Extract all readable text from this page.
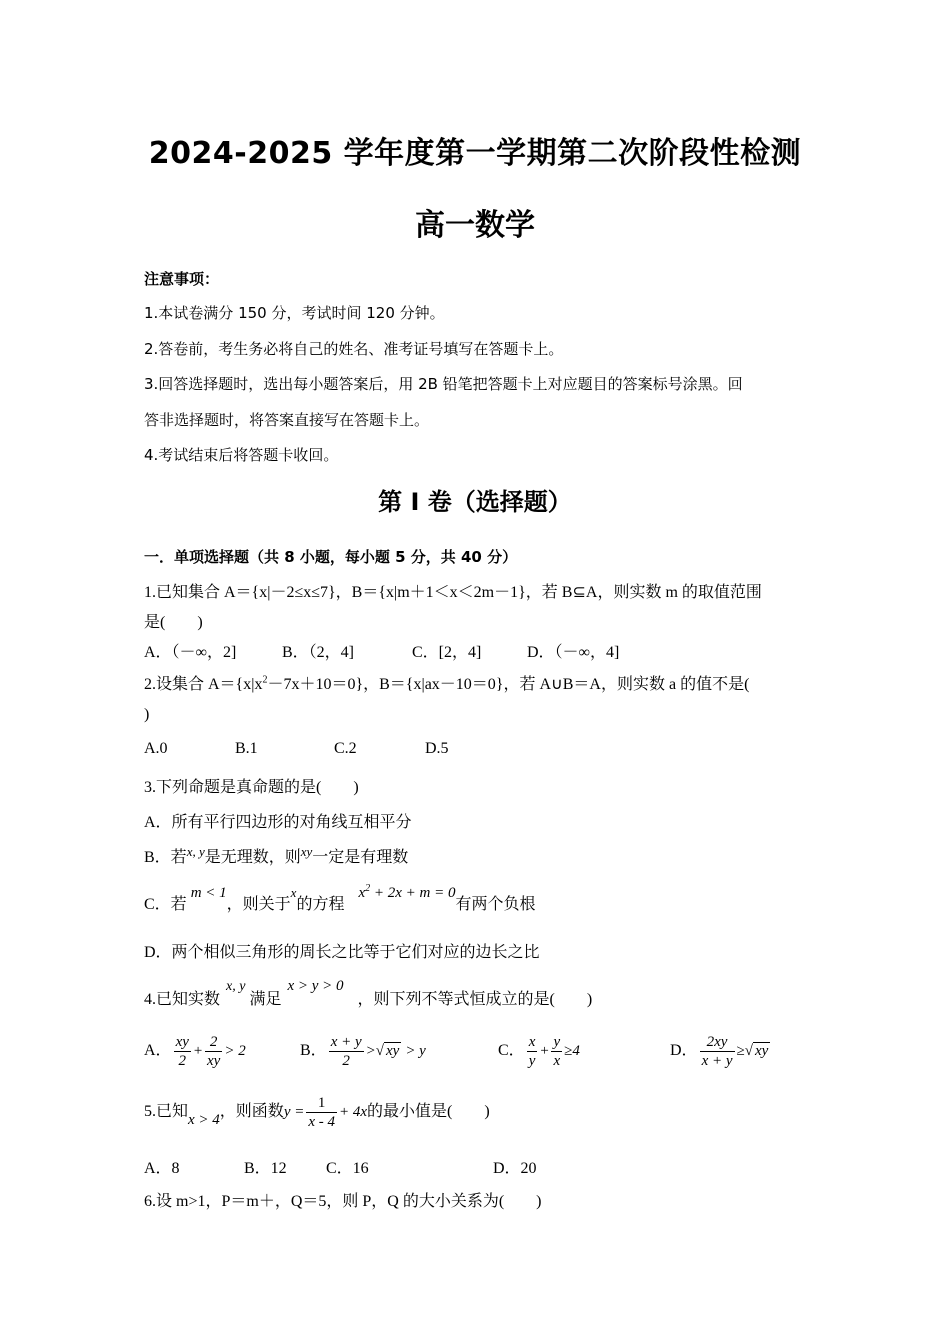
2024-2025 学年度第一学期第二次阶段性检测
高一数学
注意事项：
1.本试卷满分 150 分，考试时间 120 分钟。
2.答卷前，考生务必将自己的姓名、准考证号填写在答题卡上。
3.回答选择题时，选出每小题答案后，用 2B 铅笔把答题卡上对应题目的答案标号涂黑。回
答非选择题时，将答案直接写在答题卡上。
4.考试结束后将答题卡收回。
第 I 卷（选择题）
一．单项选择题（共 8 小题，每小题 5 分，共 40 分）
1.已知集合 A＝{x|－2≤x≤7}，B＝{x|m＋1＜x＜2m－1}，若 B⊆A，则实数 m 的取值范围
是(　　)
A．（－∞，2]	B．（2，4]	C．[2，4]	D．（－∞，4]
2.设集合 $A=\{x|x^2-7x+10=0\}$，B＝{x|ax－10＝0}，若 A∪B＝A，则实数 a 的值不是(
)
A.0	B.1	C.2	D.5
3.下列命题是真命题的是(　　)
A．所有平行四边形的对角线互相平分
B．若$^{x, y}$是无理数，则$^{xy}$一定是有理数
C．若 m < 1，则关于$^x$的方程 $x^2 + 2x + m = 0$有两个负根
D．两个相似三角形的周长之比等于它们对应的边长之比
4.已知实数x, y 满足x > y > 0 ，则下列不等式恒成立的是(　　)
A． $\frac{xy}{2} + \frac{2}{xy} > 2$	B． $\frac{x + y}{2}$ >√ xy > y	C． $\frac{x}{y} + \frac{y}{x} \ge 4$	D． $\frac{2xy}{x + y}$ ≥√ xy
5.已知x > 4，则函数$y = \frac{1}{x - 4} + 4x$的最小值是(　　)
A．8	B．12 C．16	D．20
6.设 m>1，P＝m＋，Q＝5，则 P，Q 的大小关系为(　　)
